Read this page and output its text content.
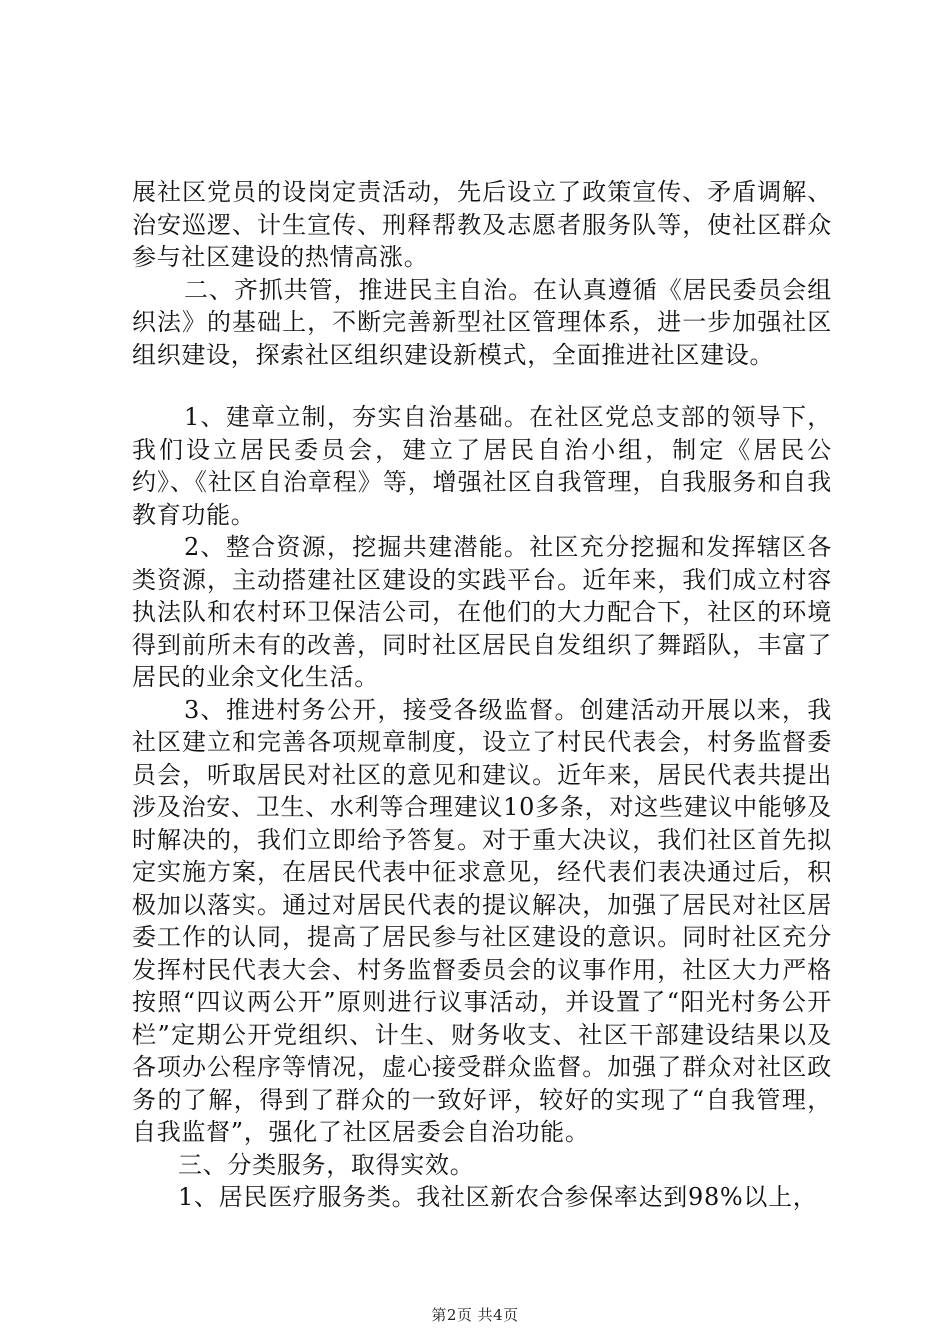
展社区党员的设岗定责活动，先后设立了政策宣传、矛盾调解、治安巡逻、计生宣传、刑释帮教及志愿者服务队等，使社区群众参与社区建设的热情高涨。

二、齐抓共管，推进民主自治。在认真遵循《居民委员会组织法》的基础上，不断完善新型社区管理体系，进一步加强社区组织建设，探索社区组织建设新模式，全面推进社区建设。

1、建章立制，夯实自治基础。在社区党总支部的领导下，我们设立居民委员会，建立了居民自治小组，制定《居民公约》、《社区自治章程》等，增强社区自我管理，自我服务和自我教育功能。

2、整合资源，挖掘共建潜能。社区充分挖掘和发挥辖区各类资源，主动搭建社区建设的实践平台。近年来，我们成立村容执法队和农村环卫保洁公司，在他们的大力配合下，社区的环境得到前所未有的改善，同时社区居民自发组织了舞蹈队，丰富了居民的业余文化生活。

3、推进村务公开，接受各级监督。创建活动开展以来，我社区建立和完善各项规章制度，设立了村民代表会，村务监督委员会，听取居民对社区的意见和建议。近年来，居民代表共提出涉及治安、卫生、水利等合理建议10多条，对这些建议中能够及时解决的，我们立即给予答复。对于重大决议，我们社区首先拟定实施方案，在居民代表中征求意见，经代表们表决通过后，积极加以落实。通过对居民代表的提议解决，加强了居民对社区居委工作的认同，提高了居民参与社区建设的意识。同时社区充分发挥村民代表大会、村务监督委员会的议事作用，社区大力严格按照“四议两公开”原则进行议事活动，并设置了“阳光村务公开栏”定期公开党组织、计生、财务收支、社区干部建设结果以及各项办公程序等情况，虚心接受群众监督。加强了群众对社区政务的了解，得到了群众的一致好评，较好的实现了“自我管理，自我监督”，强化了社区居委会自治功能。

三、分类服务，取得实效。

1、居民医疗服务类。我社区新农合参保率达到98%以上，

第2页 共4页
